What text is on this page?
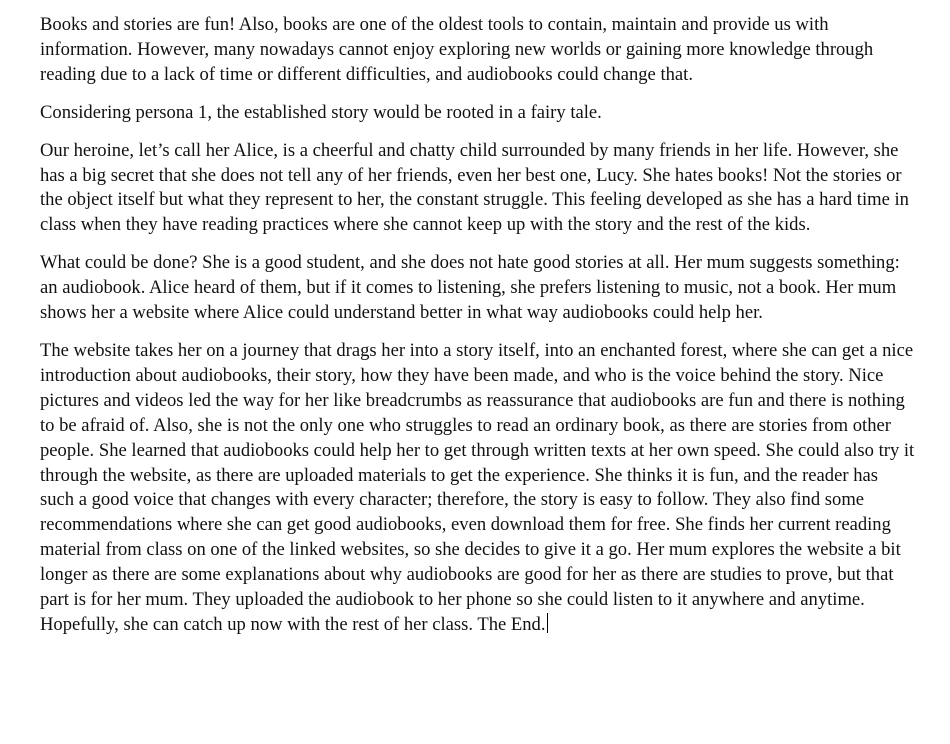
Books and stories are fun! Also, books are one of the oldest tools to contain, maintain and provide us with information. However, many nowadays cannot enjoy exploring new worlds or gaining more knowledge through reading due to a lack of time or different difficulties, and audiobooks could change that.

Considering persona 1, the established story would be rooted in a fairy tale.

Our heroine, let’s call her Alice, is a cheerful and chatty child surrounded by many friends in her life. However, she has a big secret that she does not tell any of her friends, even her best one, Lucy. She hates books! Not the stories or the object itself but what they represent to her, the constant struggle. This feeling developed as she has a hard time in class when they have reading practices where she cannot keep up with the story and the rest of the kids.

What could be done? She is a good student, and she does not hate good stories at all. Her mum suggests something: an audiobook. Alice heard of them, but if it comes to listening, she prefers listening to music, not a book. Her mum shows her a website where Alice could understand better in what way audiobooks could help her.

The website takes her on a journey that drags her into a story itself, into an enchanted forest, where she can get a nice introduction about audiobooks, their story, how they have been made, and who is the voice behind the story. Nice pictures and videos led the way for her like breadcrumbs as reassurance that audiobooks are fun and there is nothing to be afraid of. Also, she is not the only one who struggles to read an ordinary book, as there are stories from other people. She learned that audiobooks could help her to get through written texts at her own speed. She could also try it through the website, as there are uploaded materials to get the experience. She thinks it is fun, and the reader has such a good voice that changes with every character; therefore, the story is easy to follow. They also find some recommendations where she can get good audiobooks, even download them for free. She finds her current reading material from class on one of the linked websites, so she decides to give it a go. Her mum explores the website a bit longer as there are some explanations about why audiobooks are good for her as there are studies to prove, but that part is for her mum. They uploaded the audiobook to her phone so she could listen to it anywhere and anytime. Hopefully, she can catch up now with the rest of her class. The End.
